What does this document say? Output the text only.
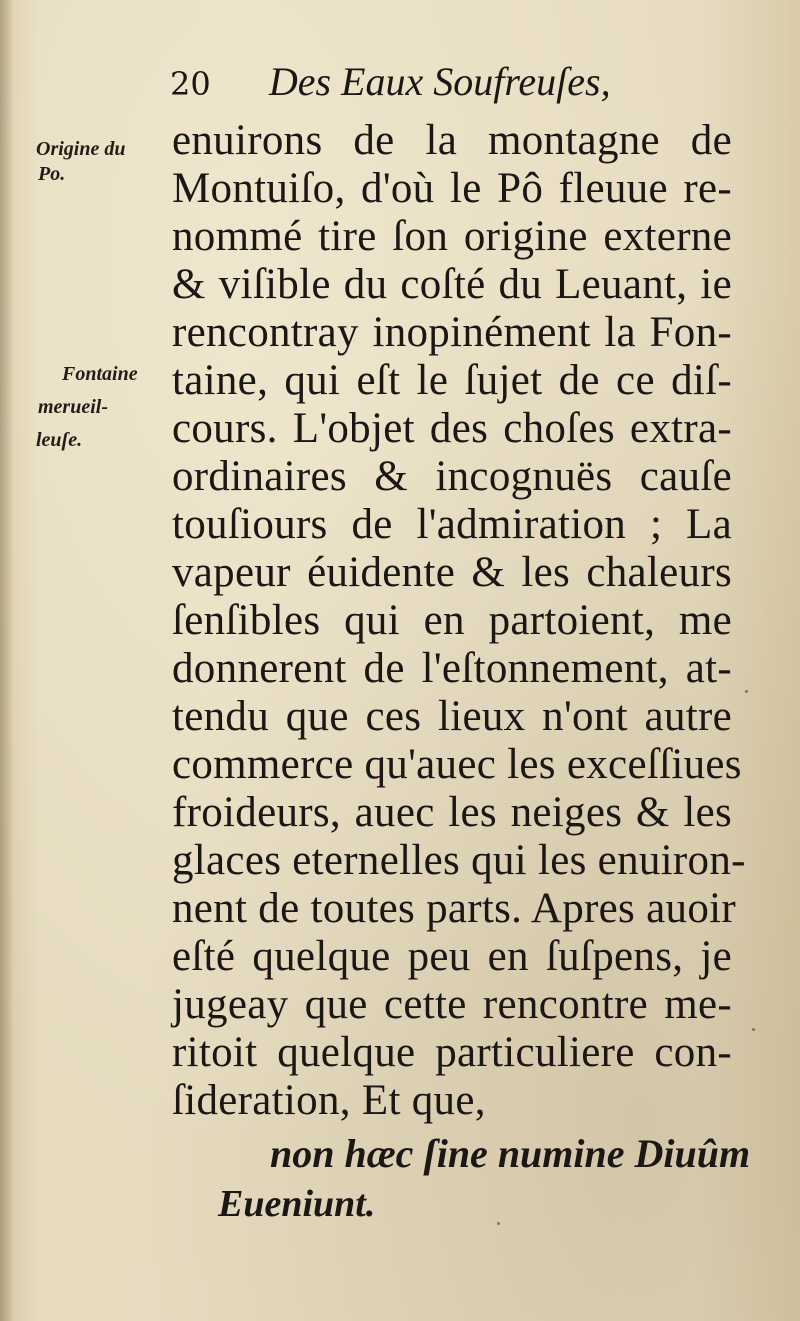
20 Des Eaux Soufreuſes,
Origine du
Po.
Fontaine
merueil-
leuſe.
enuirons de la montagne de
Montuiſo, d'où le Pô fleuue re-
nommé tire ſon origine externe
& viſible du coſté du Leuant, ie
rencontray inopinément la Fon-
taine, qui eſt le ſujet de ce diſ-
cours. L'objet des choſes extra-
ordinaires & incognuës cauſe
touſiours de l'admiration ; La
vapeur éuidente & les chaleurs
ſenſibles qui en partoient, me
donnerent de l'eſtonnement, at-
tendu que ces lieux n'ont autre
commerce qu'auec les exceſſiues
froideurs, auec les neiges & les
glaces eternelles qui les enuiron-
nent de toutes parts. Apres auoir
eſté quelque peu en ſuſpens, je
jugeay que cette rencontre me-
ritoit quelque particuliere con-
ſideration, Et que,
non hæc ſine numine Diuûm
Eueniunt.
